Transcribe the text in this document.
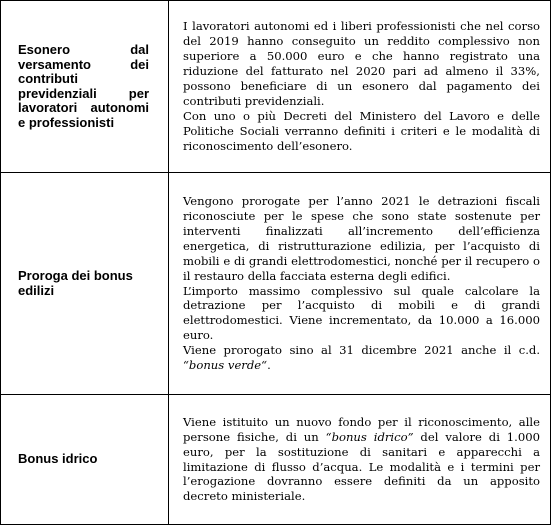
Esonero dal versamento dei contributi previdenziali per lavoratori autonomi e professionisti	I lavoratori autonomi ed i liberi professionisti che nel corso del 2019 hanno conseguito un reddito complessivo non superiore a 50.000 euro e che hanno registrato una riduzione del fatturato nel 2020 pari ad almeno il 33%, possono beneficiare di un esonero dal pagamento dei contributi previdenziali.

Con uno o più Decreti del Ministero del Lavoro e delle Politiche Sociali verranno definiti i criteri e le modalità di riconoscimento dell’esonero.

Proroga dei bonus edilizi	Vengono prorogate per l’anno 2021 le detrazioni fiscali riconosciute per le spese che sono state sostenute per interventi finalizzati all’incremento dell’efficienza energetica, di ristrutturazione edilizia, per l’acquisto di mobili e di grandi elettrodomestici, nonché per il recupero o il restauro della facciata esterna degli edifici.

L’importo massimo complessivo sul quale calcolare la detrazione per l’acquisto di mobili e di grandi elettrodomestici. Viene incrementato, da 10.000 a 16.000 euro.

Viene prorogato sino al 31 dicembre 2021 anche il c.d. “bonus verde“.

Bonus idrico	Viene istituito un nuovo fondo per il riconoscimento, alle persone fisiche, di un “bonus idrico” del valore di 1.000 euro, per la sostituzione di sanitari e apparecchi a limitazione di flusso d’acqua. Le modalità e i termini per l’erogazione dovranno essere definiti da un apposito decreto ministeriale.
